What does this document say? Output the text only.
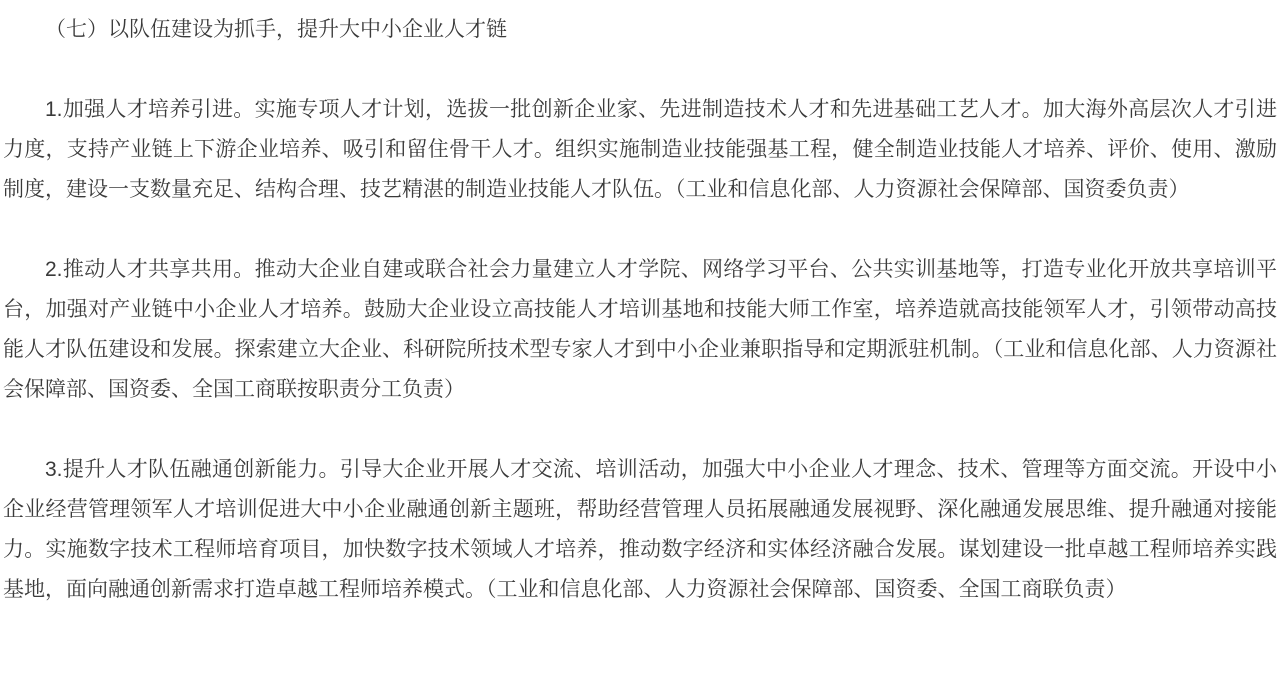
（七）以队伍建设为抓手，提升大中小企业人才链

1.加强人才培养引进。实施专项人才计划，选拔一批创新企业家、先进制造技术人才和先进基础工艺人才。加大海外高层次人才引进力度，支持产业链上下游企业培养、吸引和留住骨干人才。组织实施制造业技能强基工程，健全制造业技能人才培养、评价、使用、激励制度，建设一支数量充足、结构合理、技艺精湛的制造业技能人才队伍。（工业和信息化部、人力资源社会保障部、国资委负责）

2.推动人才共享共用。推动大企业自建或联合社会力量建立人才学院、网络学习平台、公共实训基地等，打造专业化开放共享培训平台，加强对产业链中小企业人才培养。鼓励大企业设立高技能人才培训基地和技能大师工作室，培养造就高技能领军人才，引领带动高技能人才队伍建设和发展。探索建立大企业、科研院所技术型专家人才到中小企业兼职指导和定期派驻机制。（工业和信息化部、人力资源社会保障部、国资委、全国工商联按职责分工负责）

3.提升人才队伍融通创新能力。引导大企业开展人才交流、培训活动，加强大中小企业人才理念、技术、管理等方面交流。开设中小企业经营管理领军人才培训促进大中小企业融通创新主题班，帮助经营管理人员拓展融通发展视野、深化融通发展思维、提升融通对接能力。实施数字技术工程师培育项目，加快数字技术领域人才培养，推动数字经济和实体经济融合发展。谋划建设一批卓越工程师培养实践基地，面向融通创新需求打造卓越工程师培养模式。（工业和信息化部、人力资源社会保障部、国资委、全国工商联负责）
